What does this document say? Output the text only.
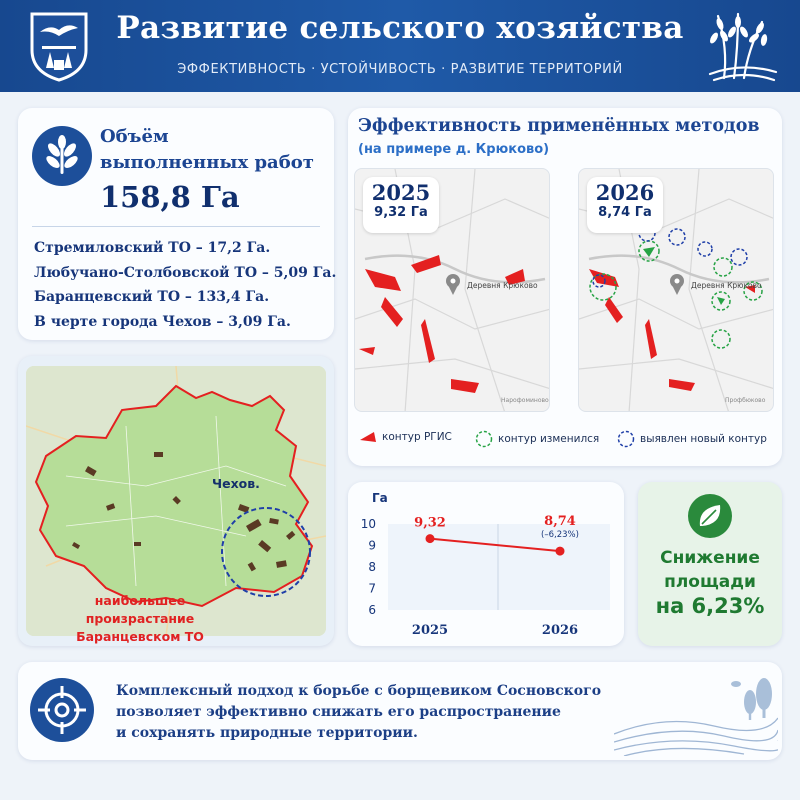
Развитие сельского хозяйства
ЭФФЕКТИВНОСТЬ · УСТОЙЧИВОСТЬ · РАЗВИТИЕ ТЕРРИТОРИЙ
Объём выполненных работ
158,8 Га
Стремиловский ТО – 17,2 Га.
Любучано-Столбовской ТО – 5,09 Га.
Баранцевский ТО – 133,4 Га.
В черте города Чехов – 3,09 Га.
Эффективность применённых методов
(на примере д. Крюково)
2025
9,32 Га
Деревня Крюково
Нарофоминово
2026
8,74 Га
Деревня Крюково
Профбюково
контур РГИС	контур изменился	выявлен новый контур
Чехов.
наибольшее произрастание
Баранцевском ТО
Га
6
7
8
9
10
2025	2026
9,32	8,74
(–6,23%)
Снижение
площади
на 6,23%
Комплексный подход к борьбе с борщевиком Сосновского
позволяет эффективно снижать его распространение
и сохранять природные территории.
